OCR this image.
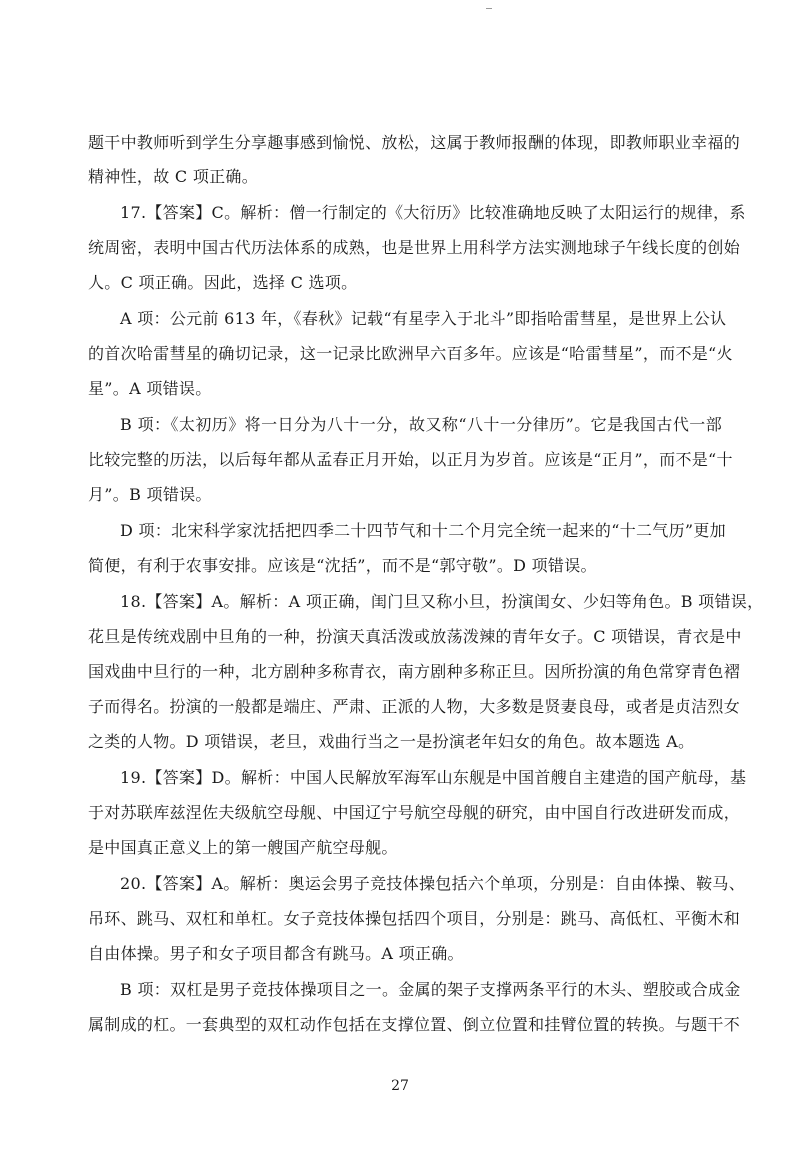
题干中教师听到学生分享趣事感到愉悦、放松，这属于教师报酬的体现，即教师职业幸福的
精神性，故 C 项正确。
17.【答案】C。解析：僧一行制定的《大衍历》比较准确地反映了太阳运行的规律，系
统周密，表明中国古代历法体系的成熟，也是世界上用科学方法实测地球子午线长度的创始
人。C 项正确。因此，选择 C 选项。
A 项：公元前 613 年，《春秋》记载“有星孛入于北斗”即指哈雷彗星，是世界上公认
的首次哈雷彗星的确切记录，这一记录比欧洲早六百多年。应该是“哈雷彗星”，而不是“火
星”。A 项错误。
B 项：《太初历》将一日分为八十一分，故又称“八十一分律历”。它是我国古代一部
比较完整的历法，以后每年都从孟春正月开始，以正月为岁首。应该是“正月”，而不是“十
月”。B 项错误。
D 项：北宋科学家沈括把四季二十四节气和十二个月完全统一起来的“十二气历”更加
简便，有利于农事安排。应该是“沈括”，而不是“郭守敬”。D 项错误。
18.【答案】A。解析：A 项正确，闺门旦又称小旦，扮演闺女、少妇等角色。B 项错误，
花旦是传统戏剧中旦角的一种，扮演天真活泼或放荡泼辣的青年女子。C 项错误，青衣是中
国戏曲中旦行的一种，北方剧种多称青衣，南方剧种多称正旦。因所扮演的角色常穿青色褶
子而得名。扮演的一般都是端庄、严肃、正派的人物，大多数是贤妻良母，或者是贞洁烈女
之类的人物。D 项错误，老旦，戏曲行当之一是扮演老年妇女的角色。故本题选 A。
19.【答案】D。解析：中国人民解放军海军山东舰是中国首艘自主建造的国产航母，基
于对苏联库兹涅佐夫级航空母舰、中国辽宁号航空母舰的研究，由中国自行改进研发而成，
是中国真正意义上的第一艘国产航空母舰。
20.【答案】A。解析：奥运会男子竞技体操包括六个单项，分别是：自由体操、鞍马、
吊环、跳马、双杠和单杠。女子竞技体操包括四个项目，分别是：跳马、高低杠、平衡木和
自由体操。男子和女子项目都含有跳马。A 项正确。
B 项：双杠是男子竞技体操项目之一。金属的架子支撑两条平行的木头、塑胶或合成金
属制成的杠。一套典型的双杠动作包括在支撑位置、倒立位置和挂臂位置的转换。与题干不
27
